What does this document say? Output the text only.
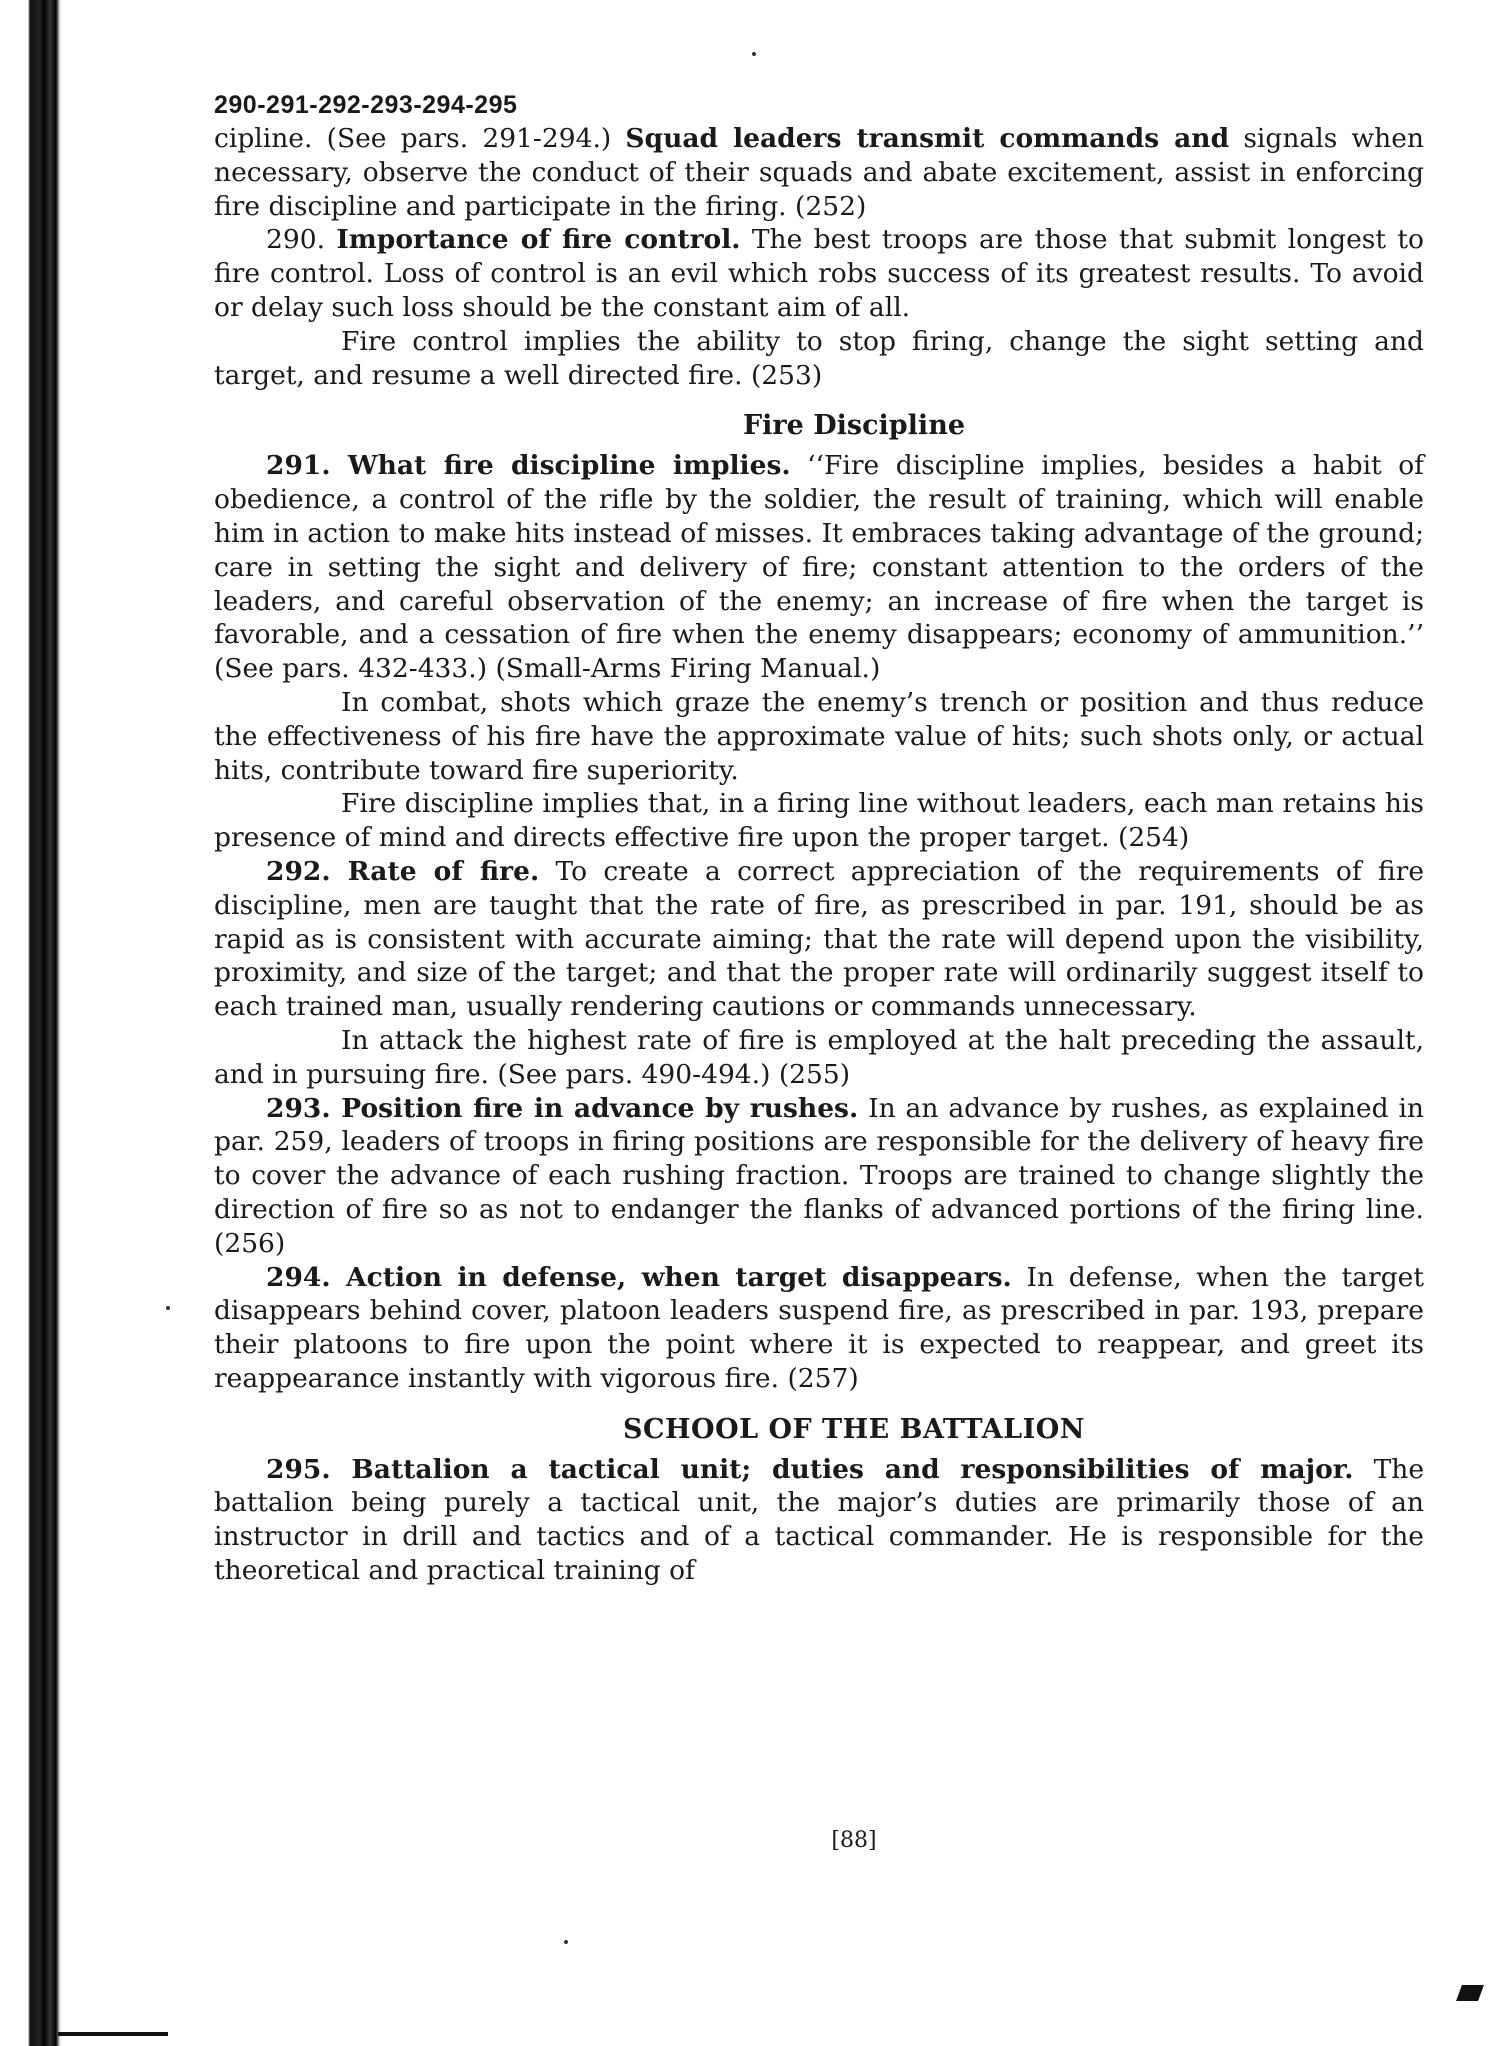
290-291-292-293-294-295

cipline. (See pars. 291-294.) Squad leaders transmit commands and signals when necessary, observe the conduct of their squads and abate excitement, assist in enforcing fire discipline and participate in the firing. (252)

290. Importance of fire control. The best troops are those that submit longest to fire control. Loss of control is an evil which robs success of its greatest results. To avoid or delay such loss should be the constant aim of all.

Fire control implies the ability to stop firing, change the sight setting and target, and resume a well directed fire. (253)

Fire Discipline

291. What fire discipline implies. ‘‘Fire discipline implies, besides a habit of obedience, a control of the rifle by the soldier, the result of training, which will enable him in action to make hits instead of misses. It embraces taking advantage of the ground; care in setting the sight and delivery of fire; constant attention to the orders of the leaders, and careful observation of the enemy; an increase of fire when the target is favorable, and a cessation of fire when the enemy disappears; economy of ammunition.’’ (See pars. 432-433.) (Small-Arms Firing Manual.)

In combat, shots which graze the enemy’s trench or position and thus reduce the effectiveness of his fire have the approximate value of hits; such shots only, or actual hits, contribute toward fire superiority.

Fire discipline implies that, in a firing line without leaders, each man retains his presence of mind and directs effective fire upon the proper target. (254)

292. Rate of fire. To create a correct appreciation of the requirements of fire discipline, men are taught that the rate of fire, as prescribed in par. 191, should be as rapid as is consistent with accurate aiming; that the rate will depend upon the visibility, proximity, and size of the target; and that the proper rate will ordinarily suggest itself to each trained man, usually rendering cautions or commands unnecessary.

In attack the highest rate of fire is employed at the halt preceding the assault, and in pursuing fire. (See pars. 490-494.) (255)

293. Position fire in advance by rushes. In an advance by rushes, as explained in par. 259, leaders of troops in firing positions are responsible for the delivery of heavy fire to cover the advance of each rushing fraction. Troops are trained to change slightly the direction of fire so as not to endanger the flanks of advanced portions of the firing line. (256)

294. Action in defense, when target disappears. In defense, when the target disappears behind cover, platoon leaders suspend fire, as prescribed in par. 193, prepare their platoons to fire upon the point where it is expected to reappear, and greet its reappearance instantly with vigorous fire. (257)

SCHOOL OF THE BATTALION

295. Battalion a tactical unit; duties and responsibilities of major. The battalion being purely a tactical unit, the major’s duties are primarily those of an instructor in drill and tactics and of a tactical commander. He is responsible for the theoretical and practical training of

[88]
